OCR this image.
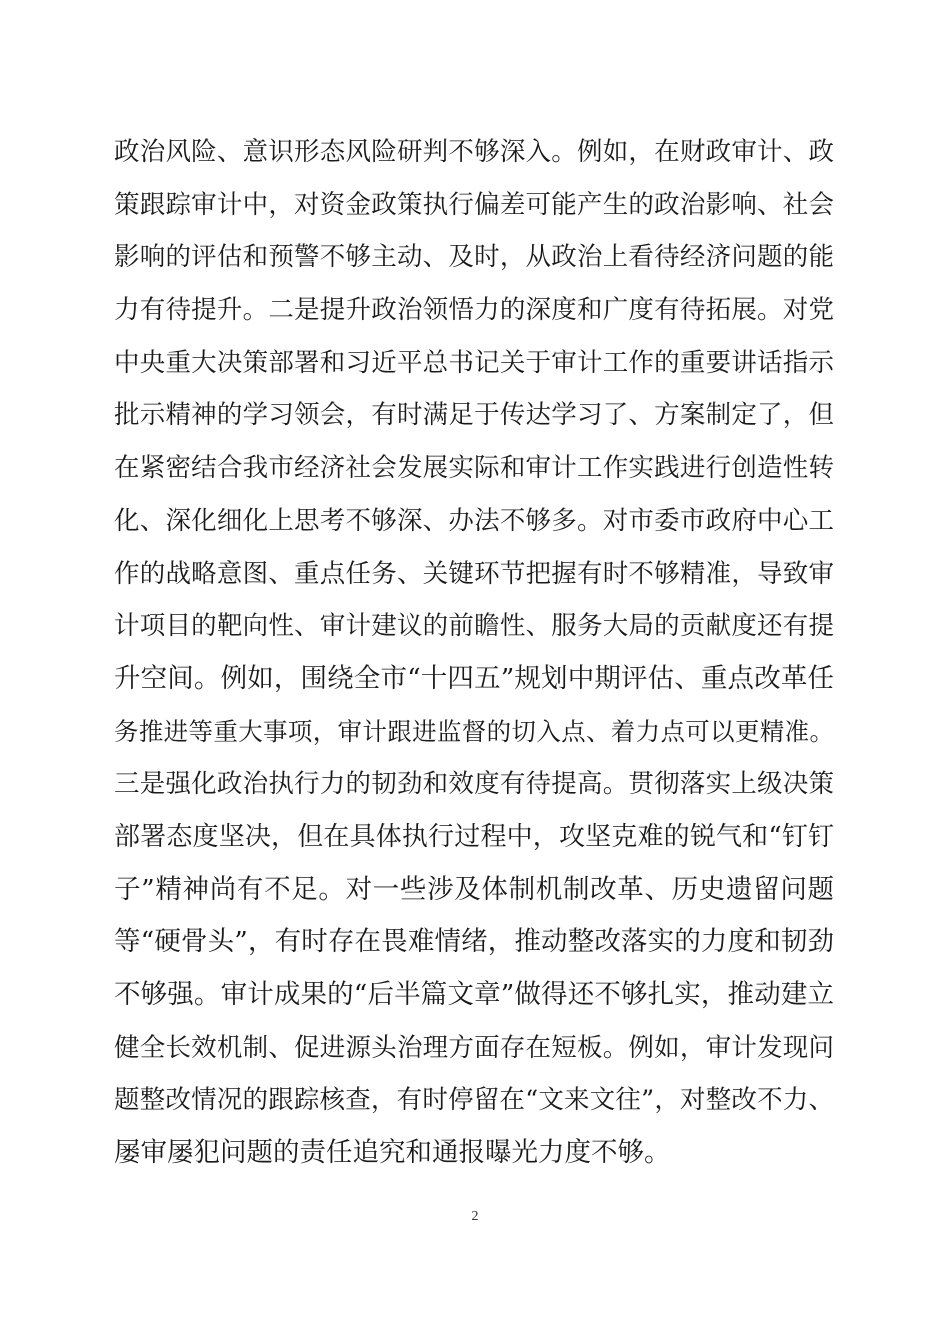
政治风险、意识形态风险研判不够深入。例如，在财政审计、政
策跟踪审计中，对资金政策执行偏差可能产生的政治影响、社会
影响的评估和预警不够主动、及时，从政治上看待经济问题的能
力有待提升。二是提升政治领悟力的深度和广度有待拓展。对党
中央重大决策部署和习近平总书记关于审计工作的重要讲话指示
批示精神的学习领会，有时满足于传达学习了、方案制定了，但
在紧密结合我市经济社会发展实际和审计工作实践进行创造性转
化、深化细化上思考不够深、办法不够多。对市委市政府中心工
作的战略意图、重点任务、关键环节把握有时不够精准，导致审
计项目的靶向性、审计建议的前瞻性、服务大局的贡献度还有提
升空间。例如，围绕全市“十四五”规划中期评估、重点改革任
务推进等重大事项，审计跟进监督的切入点、着力点可以更精准。
三是强化政治执行力的韧劲和效度有待提高。贯彻落实上级决策
部署态度坚决，但在具体执行过程中，攻坚克难的锐气和“钉钉
子”精神尚有不足。对一些涉及体制机制改革、历史遗留问题
等“硬骨头”，有时存在畏难情绪，推动整改落实的力度和韧劲
不够强。审计成果的“后半篇文章”做得还不够扎实，推动建立
健全长效机制、促进源头治理方面存在短板。例如，审计发现问
题整改情况的跟踪核查，有时停留在“文来文往”，对整改不力、
屡审屡犯问题的责任追究和通报曝光力度不够。
2
